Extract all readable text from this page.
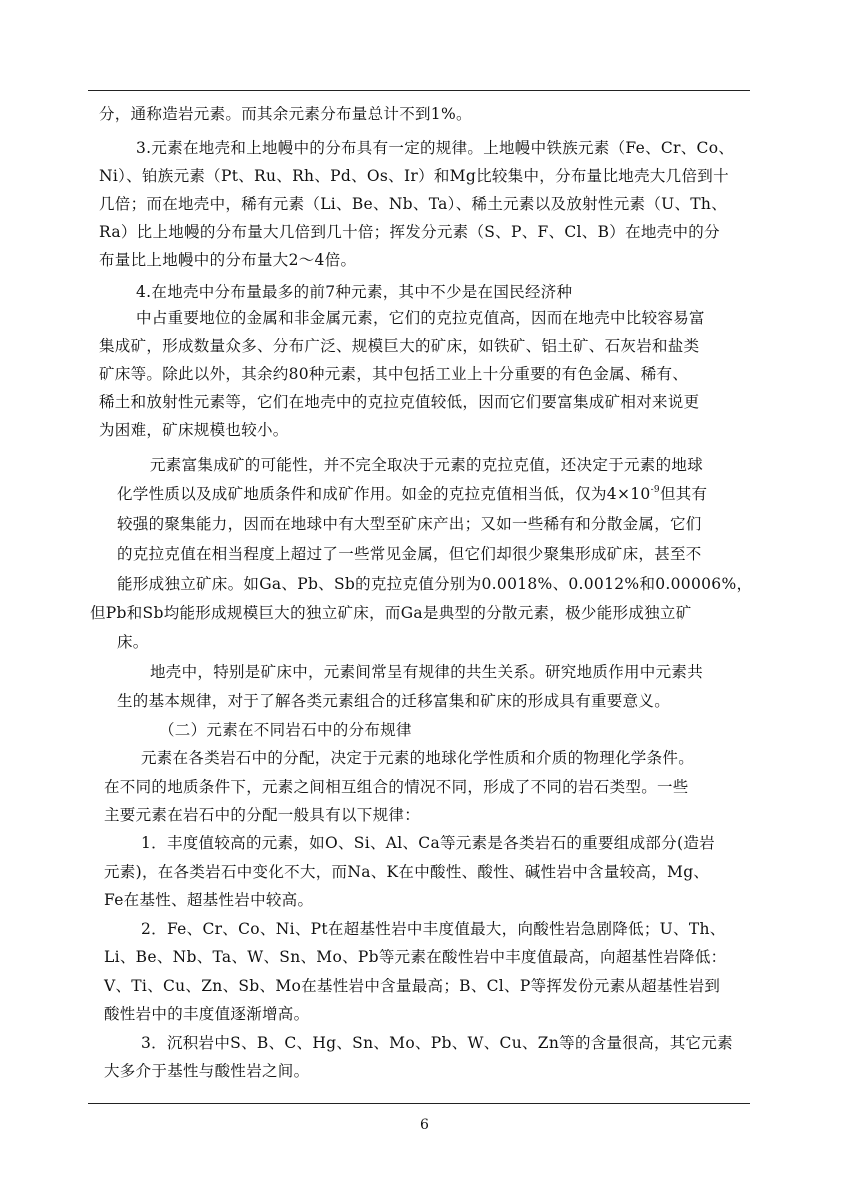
分，通称造岩元素。而其余元素分布量总计不到1%。
3.元素在地壳和上地幔中的分布具有一定的规律。上地幔中铁族元素（Fe、Cr、Co、
Ni）、铂族元素（Pt、Ru、Rh、Pd、Os、Ir）和Mg比较集中，分布量比地壳大几倍到十
几倍；而在地壳中，稀有元素（Li、Be、Nb、Ta）、稀土元素以及放射性元素（U、Th、
Ra）比上地幔的分布量大几倍到几十倍；挥发分元素（S、P、F、Cl、B）在地壳中的分
布量比上地幔中的分布量大2～4倍。
4.在地壳中分布量最多的前7种元素，其中不少是在国民经济种
中占重要地位的金属和非金属元素，它们的克拉克值高，因而在地壳中比较容易富
集成矿，形成数量众多、分布广泛、规模巨大的矿床，如铁矿、铝土矿、石灰岩和盐类
矿床等。除此以外，其余约80种元素，其中包括工业上十分重要的有色金属、稀有、
稀土和放射性元素等，它们在地壳中的克拉克值较低，因而它们要富集成矿相对来说更
为困难，矿床规模也较小。
元素富集成矿的可能性，并不完全取决于元素的克拉克值，还决定于元素的地球
化学性质以及成矿地质条件和成矿作用。如金的克拉克值相当低，仅为$4\times 10^{-9}$但其有
较强的聚集能力，因而在地球中有大型至矿床产出；又如一些稀有和分散金属，它们
的克拉克值在相当程度上超过了一些常见金属，但它们却很少聚集形成矿床，甚至不
能形成独立矿床。如Ga、Pb、Sb的克拉克值分别为0.0018%、0.0012%和0.00006%，
但Pb和Sb均能形成规模巨大的独立矿床，而Ga是典型的分散元素，极少能形成独立矿
床。
地壳中，特别是矿床中，元素间常呈有规律的共生关系。研究地质作用中元素共
生的基本规律，对于了解各类元素组合的迁移富集和矿床的形成具有重要意义。
（二）元素在不同岩石中的分布规律
元素在各类岩石中的分配，决定于元素的地球化学性质和介质的物理化学条件。
在不同的地质条件下，元素之间相互组合的情况不同，形成了不同的岩石类型。一些
主要元素在岩石中的分配一般具有以下规律：
1．丰度值较高的元素，如O、Si、Al、Ca等元素是各类岩石的重要组成部分(造岩
元素)，在各类岩石中变化不大，而Na、K在中酸性、酸性、碱性岩中含量较高，Mg、
Fe在基性、超基性岩中较高。
2．Fe、Cr、Co、Ni、Pt在超基性岩中丰度值最大，向酸性岩急剧降低；U、Th、
Li、Be、Nb、Ta、W、Sn、Mo、Pb等元素在酸性岩中丰度值最高，向超基性岩降低：
V、Ti、Cu、Zn、Sb、Mo在基性岩中含量最高；B、Cl、P等挥发份元素从超基性岩到
酸性岩中的丰度值逐渐增高。
3．沉积岩中S、B、C、Hg、Sn、Mo、Pb、W、Cu、Zn等的含量很高，其它元素
大多介于基性与酸性岩之间。
6
